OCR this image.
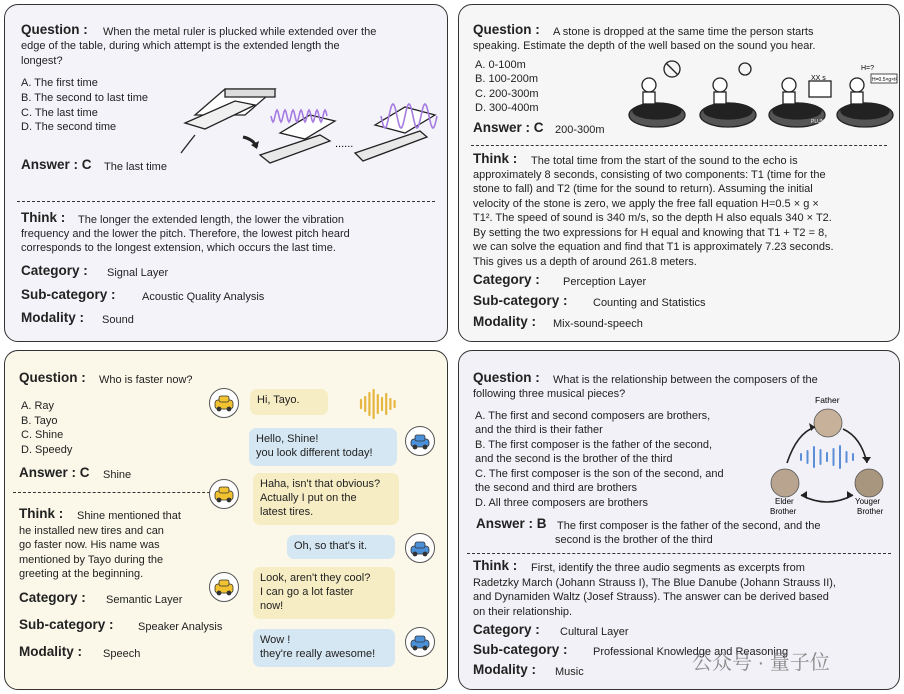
Question : When the metal ruler is plucked while extended over the
edge of the table, during which attempt is the extended length the
longest?
A. The first time
B. The second to last time
C. The last time
D. The second time
Answer : C The last time
......
Think : The longer the extended length, the lower the vibration
frequency and the lower the pitch. Therefore, the lowest pitch heard
corresponds to the longest extension, which occurs the last time.
Category : Signal Layer
Sub-category : Acoustic Quality Analysis
Modality : Sound
Question : A stone is dropped at the same time the person starts
speaking. Estimate the depth of the well based on the sound you hear.
A. 0-100m
B. 100-200m
C. 200-300m
D. 300-400m
Answer : C 200-300m
XX s
H=?
H=0.5×g×t²
PLUNK
Think : The total time from the start of the sound to the echo is
approximately 8 seconds, consisting of two components: T1 (time for the
stone to fall) and T2 (time for the sound to return). Assuming the initial
velocity of the stone is zero, we apply the free fall equation H=0.5 × g ×
T1². The speed of sound is 340 m/s, so the depth H also equals 340 × T2.
By setting the two expressions for H equal and knowing that T1 + T2 = 8,
we can solve the equation and find that T1 is approximately 7.23 seconds.
This gives us a depth of around 261.8 meters.
Category : Perception Layer
Sub-category : Counting and Statistics
Modality : Mix-sound-speech
Question : Who is faster now?
A. Ray
B. Tayo
C. Shine
D. Speedy
Answer : C Shine
Think : Shine mentioned that
he installed new tires and can
go faster now. His name was
mentioned by Tayo during the
greeting at the beginning.
Category : Semantic Layer
Sub-category : Speaker Analysis
Modality : Speech
Hi, Tayo.
Hello, Shine!
you look different today!
Haha, isn't that obvious?
Actually I put on the
latest tires.
Oh, so that's it.
Look, aren't they cool?
I can go a lot faster
now!
Wow !
they're really awesome!
Question : What is the relationship between the composers of the
following three musical pieces?
A. The first and second composers are brothers,
and the third is their father
B. The first composer is the father of the second,
and the second is the brother of the third
C. The first composer is the son of the second, and
the second and third are brothers
D. All three composers are brothers
Answer : B The first composer is the father of the second, and the
second is the brother of the third
Father
Elder Brother
Youger Brother
Think : First, identify the three audio segments as excerpts from
Radetzky March (Johann Strauss I), The Blue Danube (Johann Strauss II),
and Dynamiden Waltz (Josef Strauss). The answer can be derived based
on their relationship.
Category : Cultural Layer
Sub-category : Professional Knowledge and Reasoning
Modality : Music	公众号 · 量子位
